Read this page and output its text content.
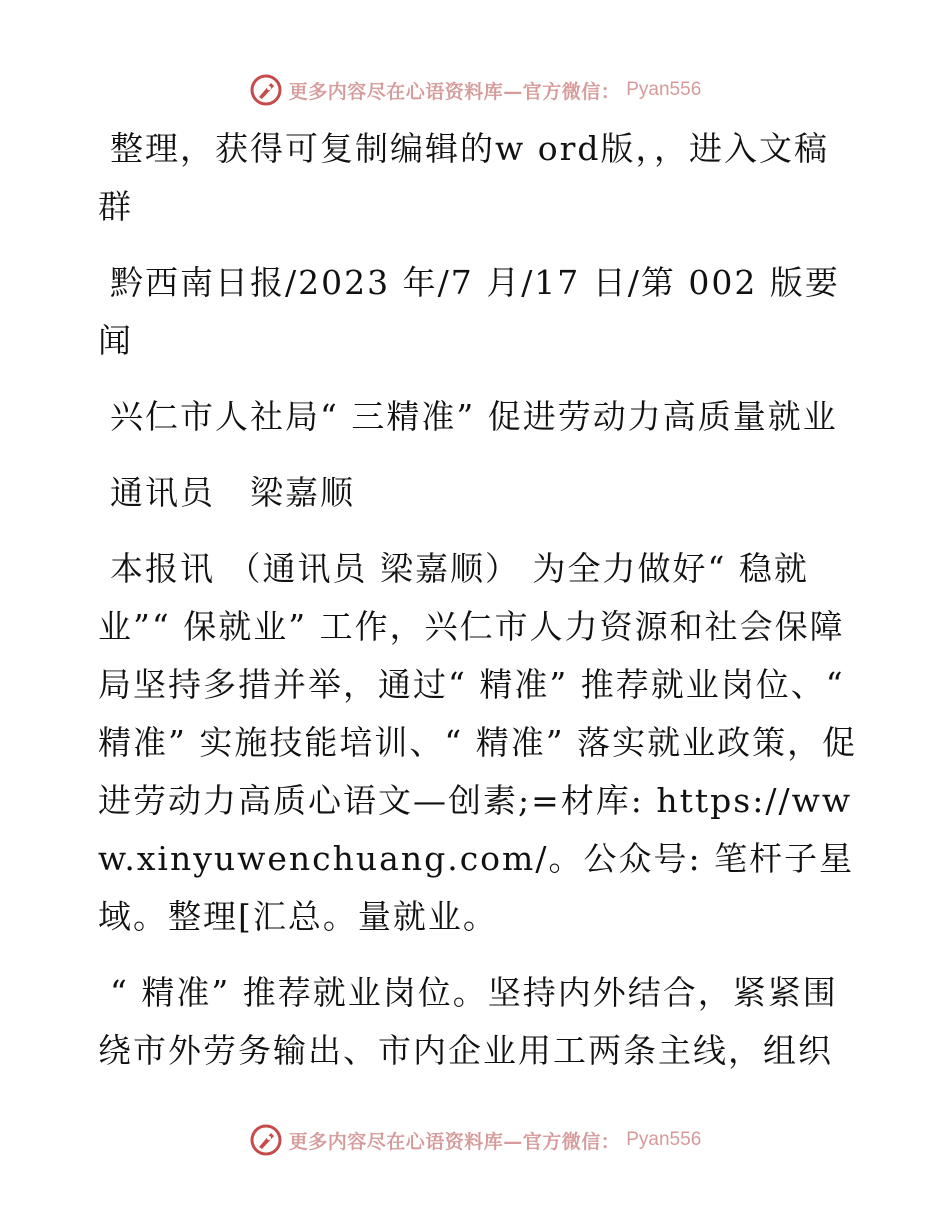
更多内容尽在心语资料库—官方微信： Pyan556

整理，获得可复制编辑的w ord版，，进入文稿群

黔西南日报/2023 年/7 月/17 日/第 002 版要闻

兴仁市人社局“ 三精准” 促进劳动力高质量就业

通讯员　梁嘉顺

本报讯 （通讯员 梁嘉顺） 为全力做好“ 稳就业”“ 保就业” 工作，兴仁市人力资源和社会保障局坚持多措并举，通过“ 精准” 推荐就业岗位、“ 精准” 实施技能培训、“ 精准” 落实就业政策，促进劳动力高质心语文—创素;=材库: https://www.xinyuwenchuang.com/。公众号: 笔杆子星域。整理[汇总。量就业。

“ 精准” 推荐就业岗位。坚持内外结合，紧紧围绕市外劳务输出、市内企业用工两条主线，组织

更多内容尽在心语资料库—官方微信： Pyan556
